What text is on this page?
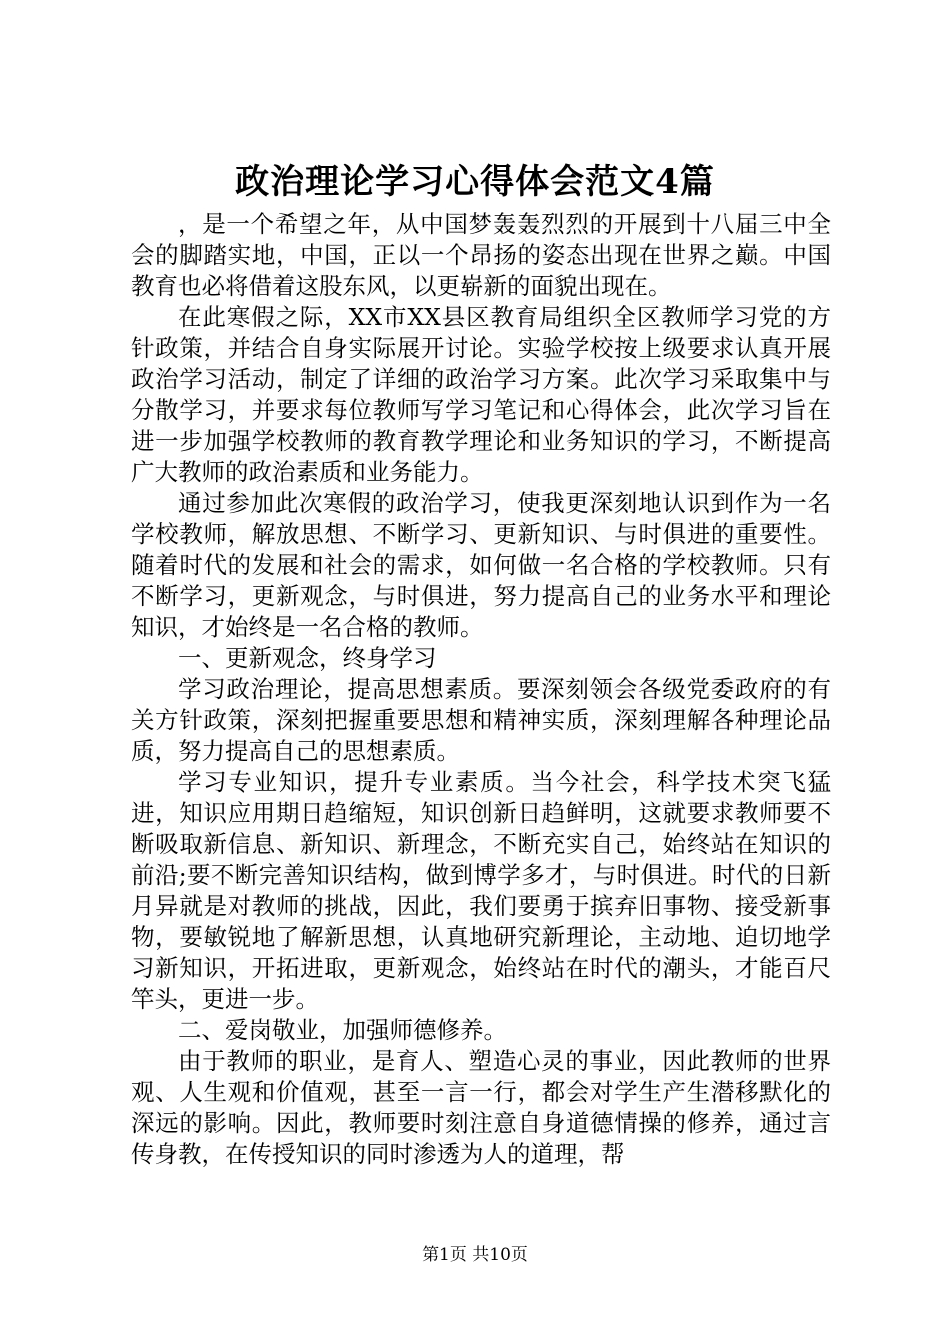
政治理论学习心得体会范文4篇

，是一个希望之年，从中国梦轰轰烈烈的开展到十八届三中全会的脚踏实地，中国，正以一个昂扬的姿态出现在世界之巅。中国教育也必将借着这股东风，以更崭新的面貌出现在。

在此寒假之际，XX市XX县区教育局组织全区教师学习党的方针政策，并结合自身实际展开讨论。实验学校按上级要求认真开展政治学习活动，制定了详细的政治学习方案。此次学习采取集中与分散学习，并要求每位教师写学习笔记和心得体会，此次学习旨在进一步加强学校教师的教育教学理论和业务知识的学习，不断提高广大教师的政治素质和业务能力。

通过参加此次寒假的政治学习，使我更深刻地认识到作为一名学校教师，解放思想、不断学习、更新知识、与时俱进的重要性。随着时代的发展和社会的需求，如何做一名合格的学校教师。只有不断学习，更新观念，与时俱进，努力提高自己的业务水平和理论知识，才始终是一名合格的教师。

一、更新观念，终身学习

学习政治理论，提高思想素质。要深刻领会各级党委政府的有关方针政策，深刻把握重要思想和精神实质，深刻理解各种理论品质，努力提高自己的思想素质。

学习专业知识，提升专业素质。当今社会，科学技术突飞猛进，知识应用期日趋缩短，知识创新日趋鲜明，这就要求教师要不断吸取新信息、新知识、新理念，不断充实自己，始终站在知识的前沿;要不断完善知识结构，做到博学多才，与时俱进。时代的日新月异就是对教师的挑战，因此，我们要勇于摈弃旧事物、接受新事物，要敏锐地了解新思想，认真地研究新理论，主动地、迫切地学习新知识，开拓进取，更新观念，始终站在时代的潮头，才能百尺竿头，更进一步。

二、爱岗敬业，加强师德修养。

由于教师的职业，是育人、塑造心灵的事业，因此教师的世界观、人生观和价值观，甚至一言一行，都会对学生产生潜移默化的深远的影响。因此，教师要时刻注意自身道德情操的修养，通过言传身教，在传授知识的同时渗透为人的道理，帮

第1页 共10页
